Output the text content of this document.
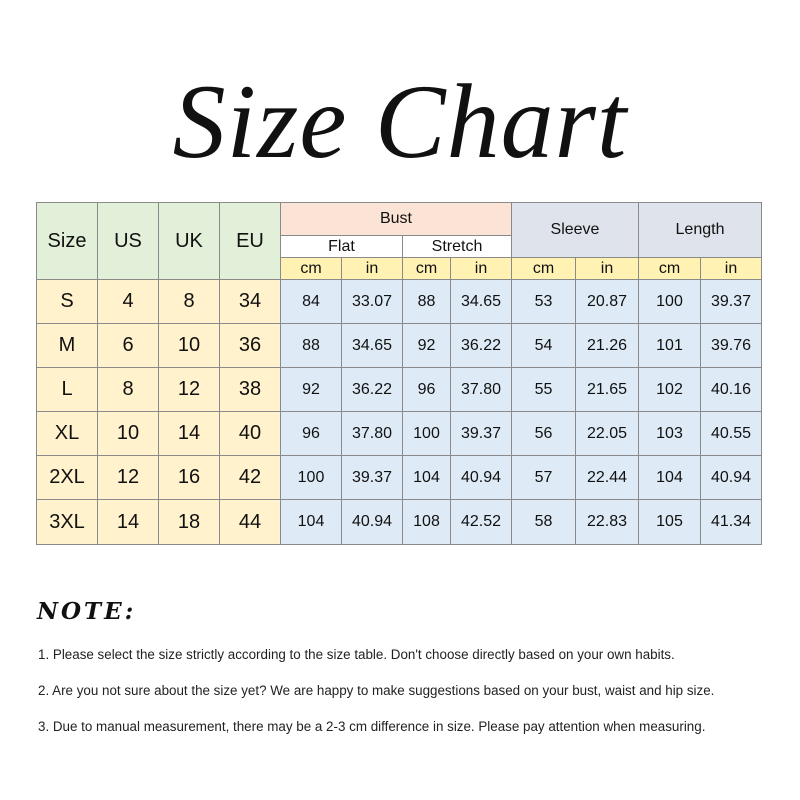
Size Chart
Size	US	UK	EU	Bust				Sleeve		Length	
				Flat		Stretch					
				cm	in	cm	in	cm	in	cm	in
S	4	8	34	84	33.07	88	34.65	53	20.87	100	39.37
M	6	10	36	88	34.65	92	36.22	54	21.26	101	39.76
L	8	12	38	92	36.22	96	37.80	55	21.65	102	40.16
XL	10	14	40	96	37.80	100	39.37	56	22.05	103	40.55
2XL	12	16	42	100	39.37	104	40.94	57	22.44	104	40.94
3XL	14	18	44	104	40.94	108	42.52	58	22.83	105	41.34
NOTE:
1. Please select the size strictly according to the size table. Don't choose directly based on your own habits.
2. Are you not sure about the size yet? We are happy to make suggestions based on your bust, waist and hip size.
3. Due to manual measurement, there may be a 2-3 cm difference in size. Please pay attention when measuring.
